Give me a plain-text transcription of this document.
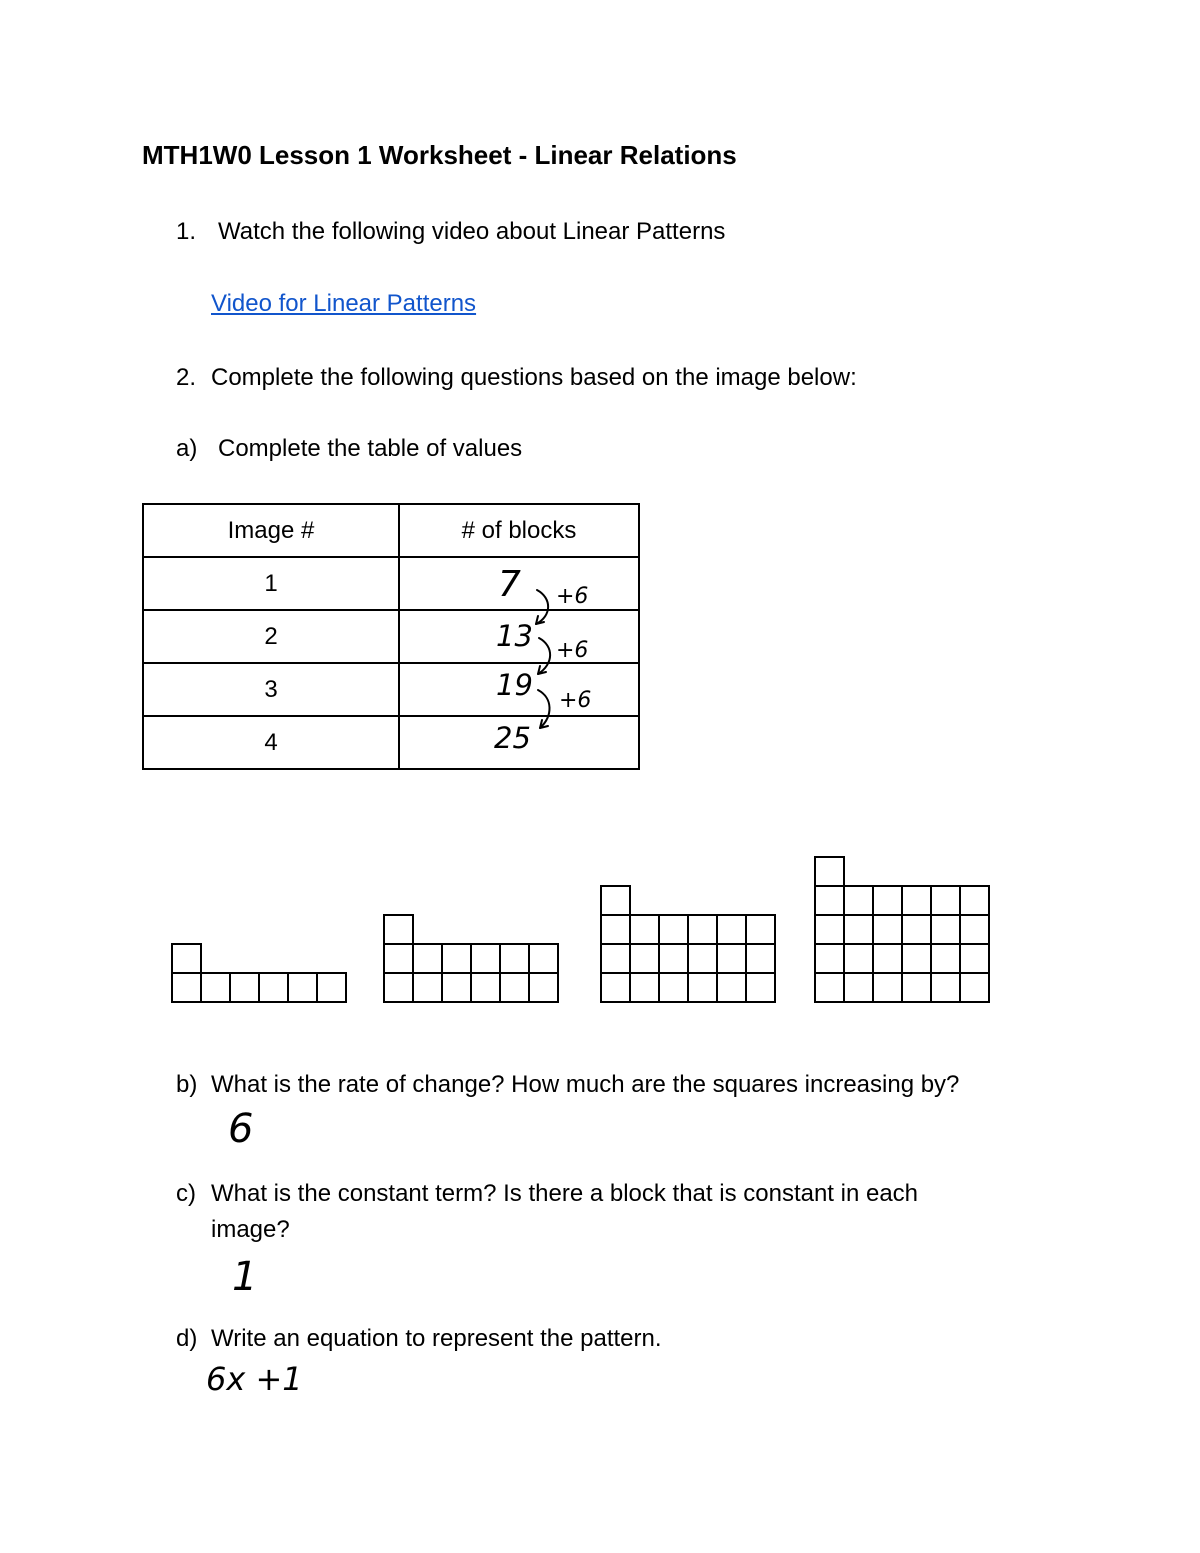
MTH1W0 Lesson 1 Worksheet - Linear Relations
1. Watch the following video about Linear Patterns
Video for Linear Patterns
2. Complete the following questions based on the image below:
a) Complete the table of values
Image #	# of blocks
1	7

2	13

3	19

4	25
+6
+6
+6
b) What is the rate of change? How much are the squares increasing by?
6
c) What is the constant term? Is there a block that is constant in each
image?
1
d) Write an equation to represent the pattern.
6x +1
